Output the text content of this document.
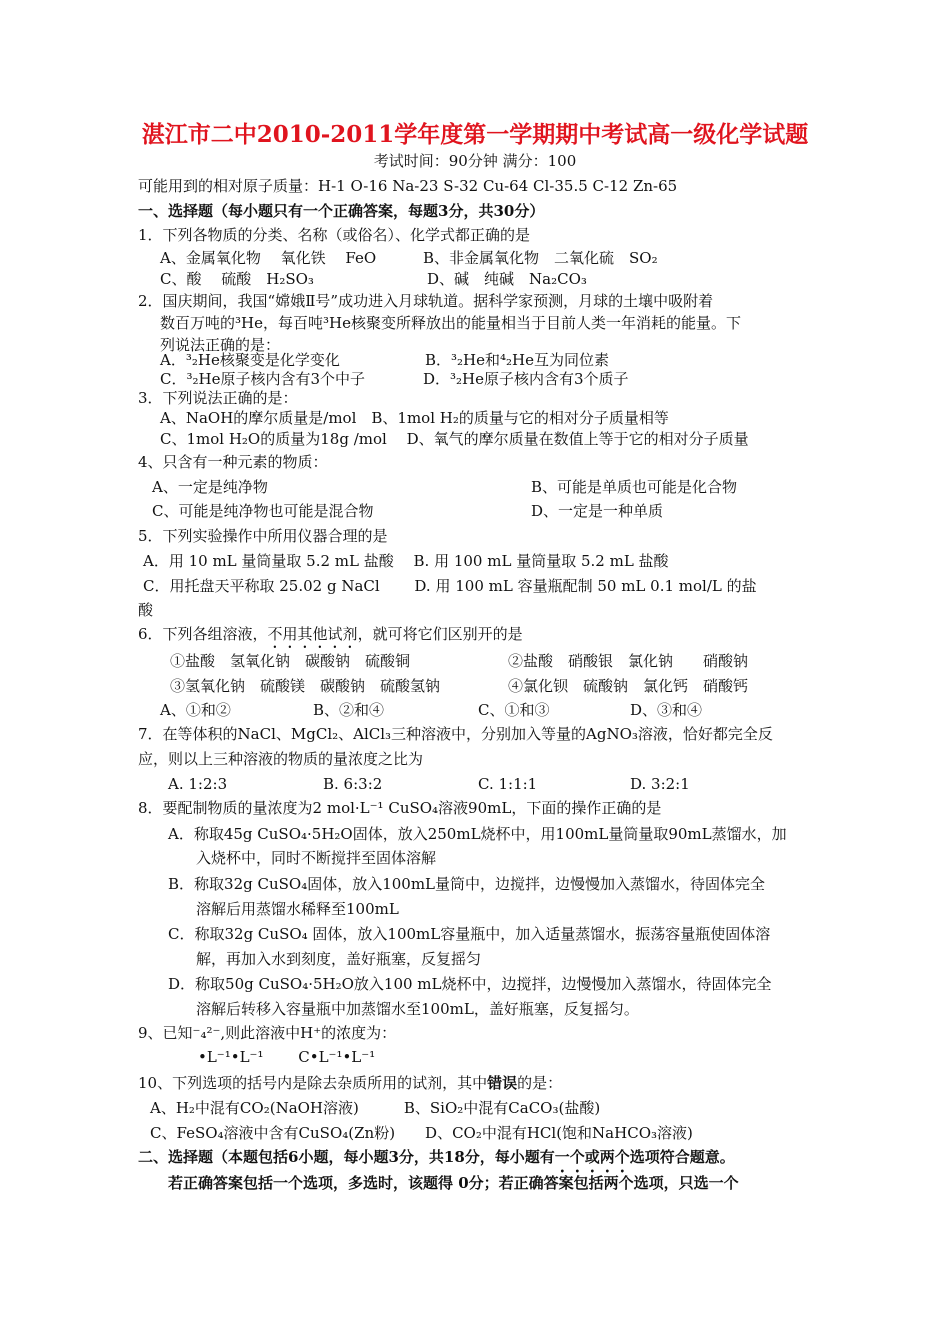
湛江市二中2010-2011学年度第一学期期中考试高一级化学试题
考试时间：90分钟 满分：100
可能用到的相对原子质量：H-1 O-16 Na-23 S-32 Cu-64 Cl-35.5 C-12 Zn-65
一、选择题（每小题只有一个正确答案，每题3分，共30分）
1．下列各物质的分类、名称（或俗名）、化学式都正确的是
A、金属氧化物　 氧化铁　 FeO	B、非金属氧化物　二氧化硫　SO₂
C、酸　 硫酸　H₂SO₃	D、碱　纯碱　Na₂CO₃
2．国庆期间，我国“嫦娥Ⅱ号”成功进入月球轨道。据科学家预测，月球的土壤中吸附着
数百万吨的³He，每百吨³He核聚变所释放出的能量相当于目前人类一年消耗的能量。下
列说法正确的是：
A．³₂He核聚变是化学变化	B．³₂He和⁴₂He互为同位素
C．³₂He原子核内含有3个中子	D．³₂He原子核内含有3个质子
3．下列说法正确的是：
A、NaOH的摩尔质量是/mol　B、1mol H₂的质量与它的相对分子质量相等
C、1mol H₂O的质量为18g /mol　 D、氧气的摩尔质量在数值上等于它的相对分子质量
4、只含有一种元素的物质：
A、一定是纯净物	B、可能是单质也可能是化合物
C、可能是纯净物也可能是混合物	D、一定是一种单质
5．下列实验操作中所用仪器合理的是
A．用 10 mL 量筒量取 5.2 mL 盐酸　 B. 用 100 mL 量筒量取 5.2 mL 盐酸
C．用托盘天平称取 25.02 g NaCl　　 D. 用 100 mL 容量瓶配制 50 mL 0.1 mol/L 的盐
酸
6．下列各组溶液，不用其他试剂，就可将它们区别开的是
①盐酸　氢氧化钠　碳酸钠　硫酸铜	②盐酸　硝酸银　氯化钠　　硝酸钠
③氢氧化钠　硫酸镁　碳酸钠　硫酸氢钠	④氯化钡　硫酸钠　氯化钙　硝酸钙
A、①和②	B、②和④	C、①和③	D、③和④
7．在等体积的NaCl、MgCl₂、AlCl₃三种溶液中，分别加入等量的AgNO₃溶液，恰好都完全反
应，则以上三种溶液的物质的量浓度之比为
A. 1:2:3	B. 6:3:2	C. 1:1:1	D. 3:2:1
8．要配制物质的量浓度为2 mol·L⁻¹ CuSO₄溶液90mL，下面的操作正确的是
A．称取45g CuSO₄·5H₂O固体，放入250mL烧杯中，用100mL量筒量取90mL蒸馏水，加
入烧杯中，同时不断搅拌至固体溶解
B．称取32g CuSO₄固体，放入100mL量筒中，边搅拌，边慢慢加入蒸馏水，待固体完全
溶解后用蒸馏水稀释至100mL
C．称取32g CuSO₄ 固体，放入100mL容量瓶中，加入适量蒸馏水，振荡容量瓶使固体溶
解，再加入水到刻度，盖好瓶塞，反复摇匀
D．称取50g CuSO₄·5H₂O放入100 mL烧杯中，边搅拌，边慢慢加入蒸馏水，待固体完全
溶解后转移入容量瓶中加蒸馏水至100mL，盖好瓶塞，反复摇匀。
9、已知⁻₄²⁻,则此溶液中H⁺的浓度为：
•L⁻¹•L⁻¹　　 C•L⁻¹•L⁻¹
10、下列选项的括号内是除去杂质所用的试剂，其中错误的是：
A、H₂中混有CO₂(NaOH溶液)　　　B、SiO₂中混有CaCO₃(盐酸)
C、FeSO₄溶液中含有CuSO₄(Zn粉)　　D、CO₂中混有HCl(饱和NaHCO₃溶液)
二、选择题（本题包括6小题，每小题3分，共18分，每小题有一个或两个选项符合题意。
若正确答案包括一个选项，多选时，该题得 0分；若正确答案包括两个选项，只选一个
